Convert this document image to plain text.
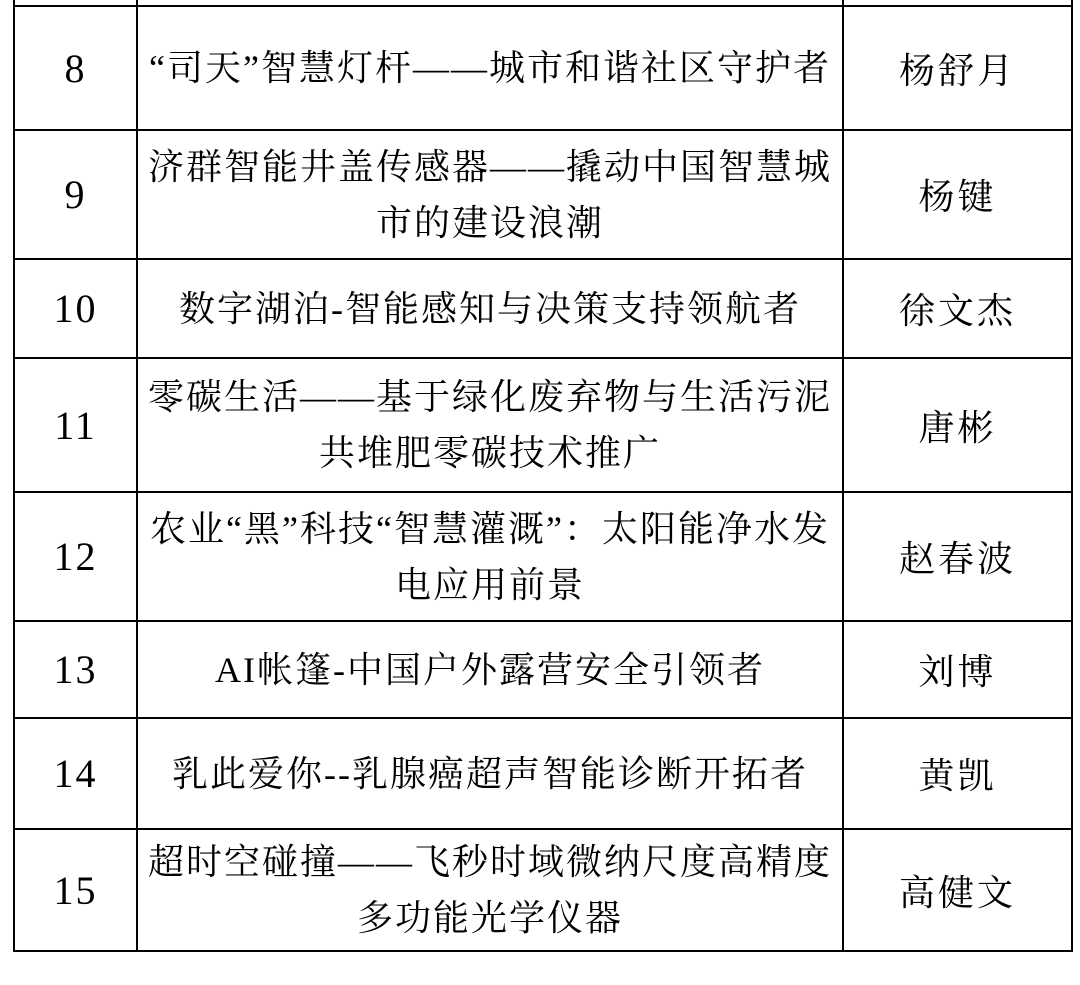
8	“司天”智慧灯杆——城市和谐社区守护者	杨舒月
9	济群智能井盖传感器——撬动中国智慧城市的建设浪潮	杨键
10	数字湖泊-智能感知与决策支持领航者	徐文杰
11	零碳生活——基于绿化废弃物与生活污泥共堆肥零碳技术推广	唐彬
12	农业“黑”科技“智慧灌溉”：太阳能净水发电应用前景	赵春波
13	AI帐篷-中国户外露营安全引领者	刘博
14	乳此爱你--乳腺癌超声智能诊断开拓者	黄凯
15	超时空碰撞——飞秒时域微纳尺度高精度多功能光学仪器	高健文
